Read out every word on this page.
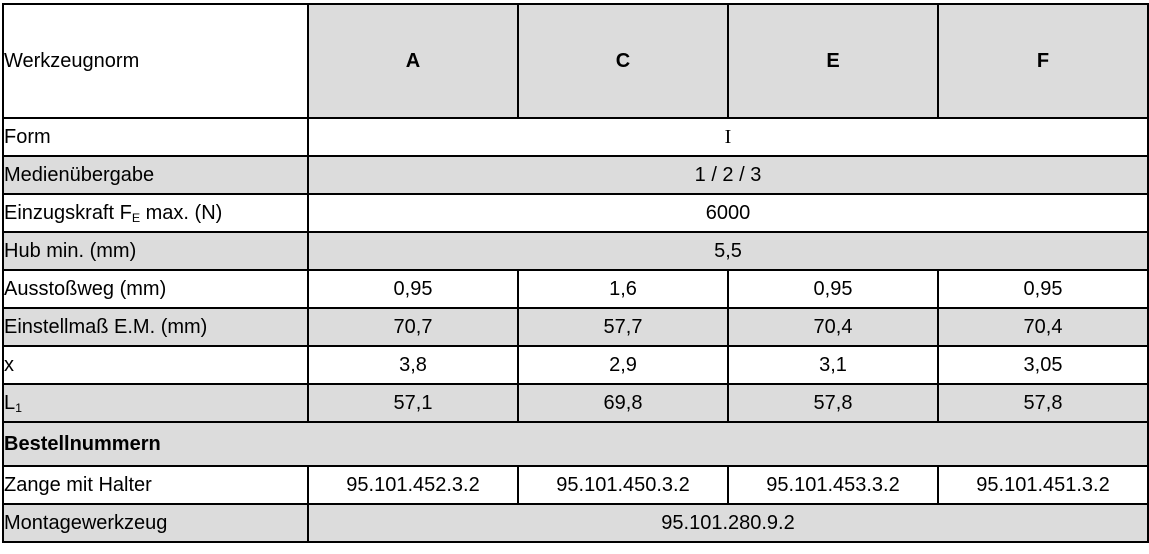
Werkzeugnorm	A	C	E	F
Form	I			
Medienübergabe	1 / 2 / 3			
Einzugskraft $F_E$ max. (N)	6000			
Hub min. (mm)	5,5			
Ausstoßweg (mm)	0,95	1,6	0,95	0,95
Einstellmaß E.M. (mm)	70,7	57,7	70,4	70,4
x	3,8	2,9	3,1	3,05
$L_1$	57,1	69,8	57,8	57,8
Bestellnummern				
Zange mit Halter	95.101.452.3.2	95.101.450.3.2	95.101.453.3.2	95.101.451.3.2
Montagewerkzeug	95.101.280.9.2			
